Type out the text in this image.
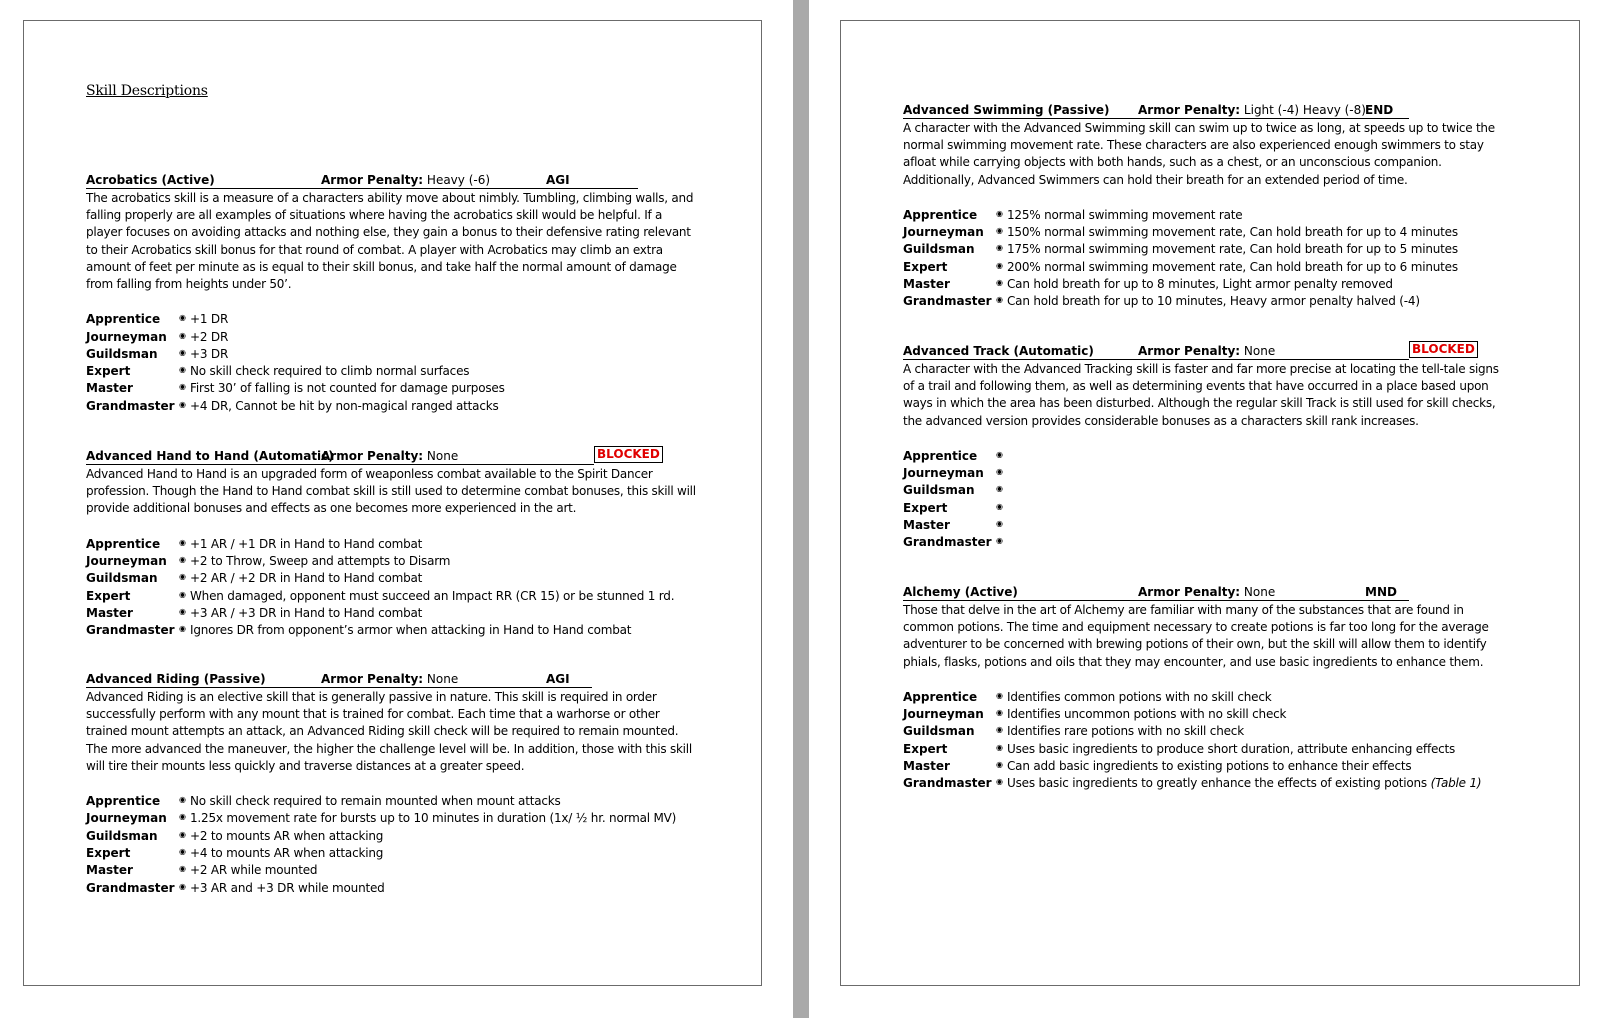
Skill Descriptions
Acrobatics (Active)	Armor Penalty: Heavy (-6)	AGI

The acrobatics skill is a measure of a characters ability move about nimbly. Tumbling, climbing walls, and falling properly are all examples of situations where having the acrobatics skill would be helpful. If a player focuses on avoiding attacks and nothing else, they gain a bonus to their defensive rating relevant to their Acrobatics skill bonus for that round of combat. A player with Acrobatics may climb an extra amount of feet per minute as is equal to their skill bonus, and take half the normal amount of damage from falling from heights under 50’.

Apprentice ◉ +1 DR
Journeyman ◉ +2 DR
Guildsman	◉ +3 DR
Expert	◉ No skill check required to climb normal surfaces
Master	◉ First 30’ of falling is not counted for damage purposes
Grandmaster ◉ +4 DR, Cannot be hit by non-magical ranged attacks
Advanced Hand to Hand (Automatic)
Armor Penalty: None	BLOCKED

Advanced Hand to Hand is an upgraded form of weaponless combat available to the Spirit Dancer profession. Though the Hand to Hand combat skill is still used to determine combat bonuses, this skill will provide additional bonuses and effects as one becomes more experienced in the art.

Apprentice ◉ +1 AR / +1 DR in Hand to Hand combat
Journeyman ◉ +2 to Throw, Sweep and attempts to Disarm
Guildsman	◉ +2 AR / +2 DR in Hand to Hand combat
Expert	◉ When damaged, opponent must succeed an Impact RR (CR 15) or be stunned 1 rd.
Master	◉ +3 AR / +3 DR in Hand to Hand combat
Grandmaster ◉ Ignores DR from opponent’s armor when attacking in Hand to Hand combat
Advanced Riding (Passive)	Armor Penalty: None	AGI

Advanced Riding is an elective skill that is generally passive in nature. This skill is required in order successfully perform with any mount that is trained for combat. Each time that a warhorse or other trained mount attempts an attack, an Advanced Riding skill check will be required to remain mounted. The more advanced the maneuver, the higher the challenge level will be. In addition, those with this skill will tire their mounts less quickly and traverse distances at a greater speed.

Apprentice ◉ No skill check required to remain mounted when mount attacks
Journeyman ◉ 1.25x movement rate for bursts up to 10 minutes in duration (1x/ ½ hr. normal MV)
Guildsman	◉ +2 to mounts AR when attacking
Expert	◉ +4 to mounts AR when attacking
Master	◉ +2 AR while mounted
Grandmaster ◉ +3 AR and +3 DR while mounted
Advanced Swimming (Passive) Armor Penalty: Light (-4) Heavy (-8) END

A character with the Advanced Swimming skill can swim up to twice as long, at speeds up to twice the normal swimming movement rate. These characters are also experienced enough swimmers to stay afloat while carrying objects with both hands, such as a chest, or an unconscious companion. Additionally, Advanced Swimmers can hold their breath for an extended period of time.

Apprentice ◉ 125% normal swimming movement rate
Journeyman ◉ 150% normal swimming movement rate, Can hold breath for up to 4 minutes
Guildsman	◉ 175% normal swimming movement rate, Can hold breath for up to 5 minutes
Expert	◉ 200% normal swimming movement rate, Can hold breath for up to 6 minutes
Master	◉ Can hold breath for up to 8 minutes, Light armor penalty removed
Grandmaster ◉ Can hold breath for up to 10 minutes, Heavy armor penalty halved (-4)
Advanced Track (Automatic)	Armor Penalty: None	BLOCKED

A character with the Advanced Tracking skill is faster and far more precise at locating the tell-tale signs of a trail and following them, as well as determining events that have occurred in a place based upon ways in which the area has been disturbed. Although the regular skill Track is still used for skill checks, the advanced version provides considerable bonuses as a characters skill rank increases.

Apprentice ◉
Journeyman ◉
Guildsman	◉
Expert	◉
Master	◉
Grandmaster ◉
Alchemy (Active)	Armor Penalty: None	MND

Those that delve in the art of Alchemy are familiar with many of the substances that are found in common potions. The time and equipment necessary to create potions is far too long for the average adventurer to be concerned with brewing potions of their own, but the skill will allow them to identify phials, flasks, potions and oils that they may encounter, and use basic ingredients to enhance them.

Apprentice ◉ Identifies common potions with no skill check
Journeyman ◉ Identifies uncommon potions with no skill check
Guildsman	◉ Identifies rare potions with no skill check
Expert	◉ Uses basic ingredients to produce short duration, attribute enhancing effects
Master	◉ Can add basic ingredients to existing potions to enhance their effects
Grandmaster ◉ Uses basic ingredients to greatly enhance the effects of existing potions (Table 1)
